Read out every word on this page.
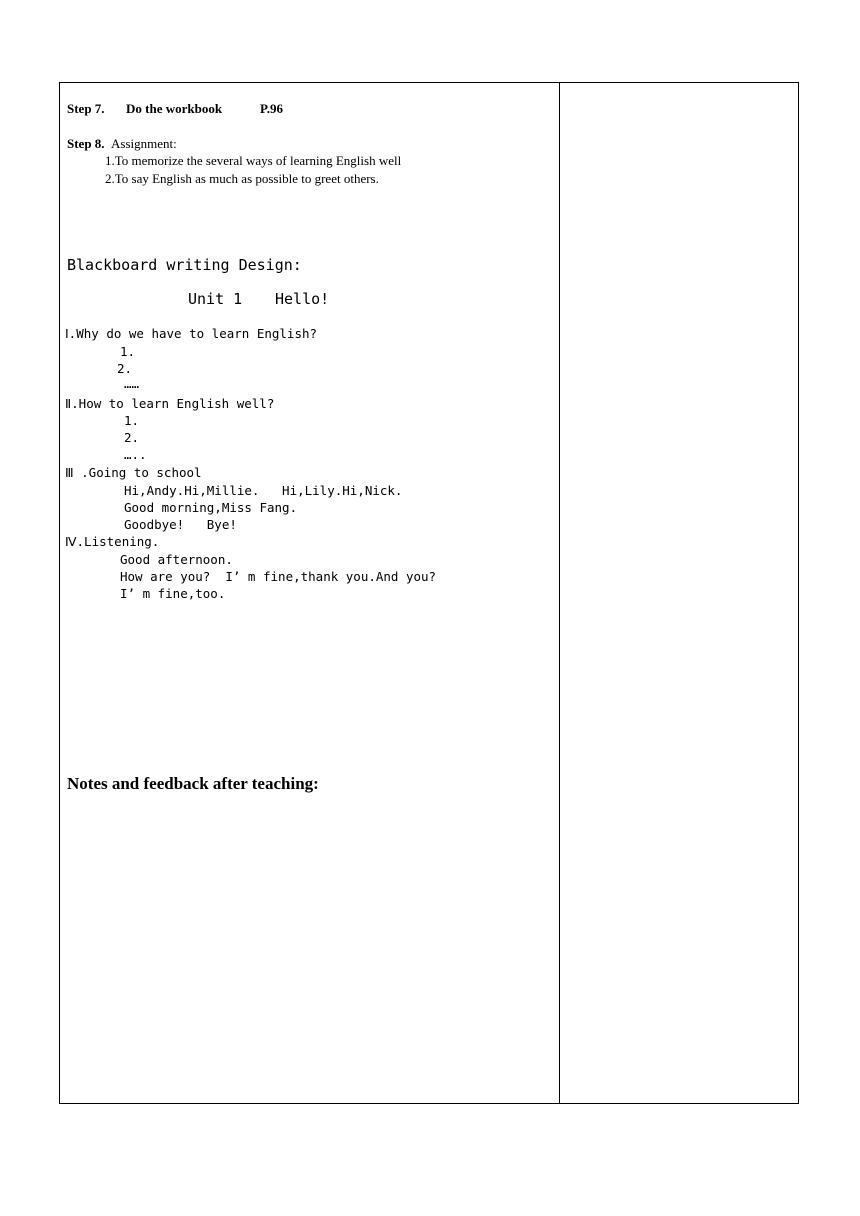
Step 7. Do the workbook	P.96
Step 8. Assignment:
1.To memorize the several ways of learning English well
2.To say English as much as possible to greet others.
Blackboard writing Design:
Unit 1 Hello!
Ⅰ.Why do we have to learn English?
1.
2.
……
Ⅱ.How to learn English well?
1.
2.
…..
Ⅲ .Going to school
Hi,Andy.Hi,Millie.   Hi,Lily.Hi,Nick.
Good morning,Miss Fang.
Goodbye!   Bye!
Ⅳ.Listening.
Good afternoon.
How are you?  I’ m fine,thank you.And you?
I’ m fine,too.
Notes and feedback after teaching:
